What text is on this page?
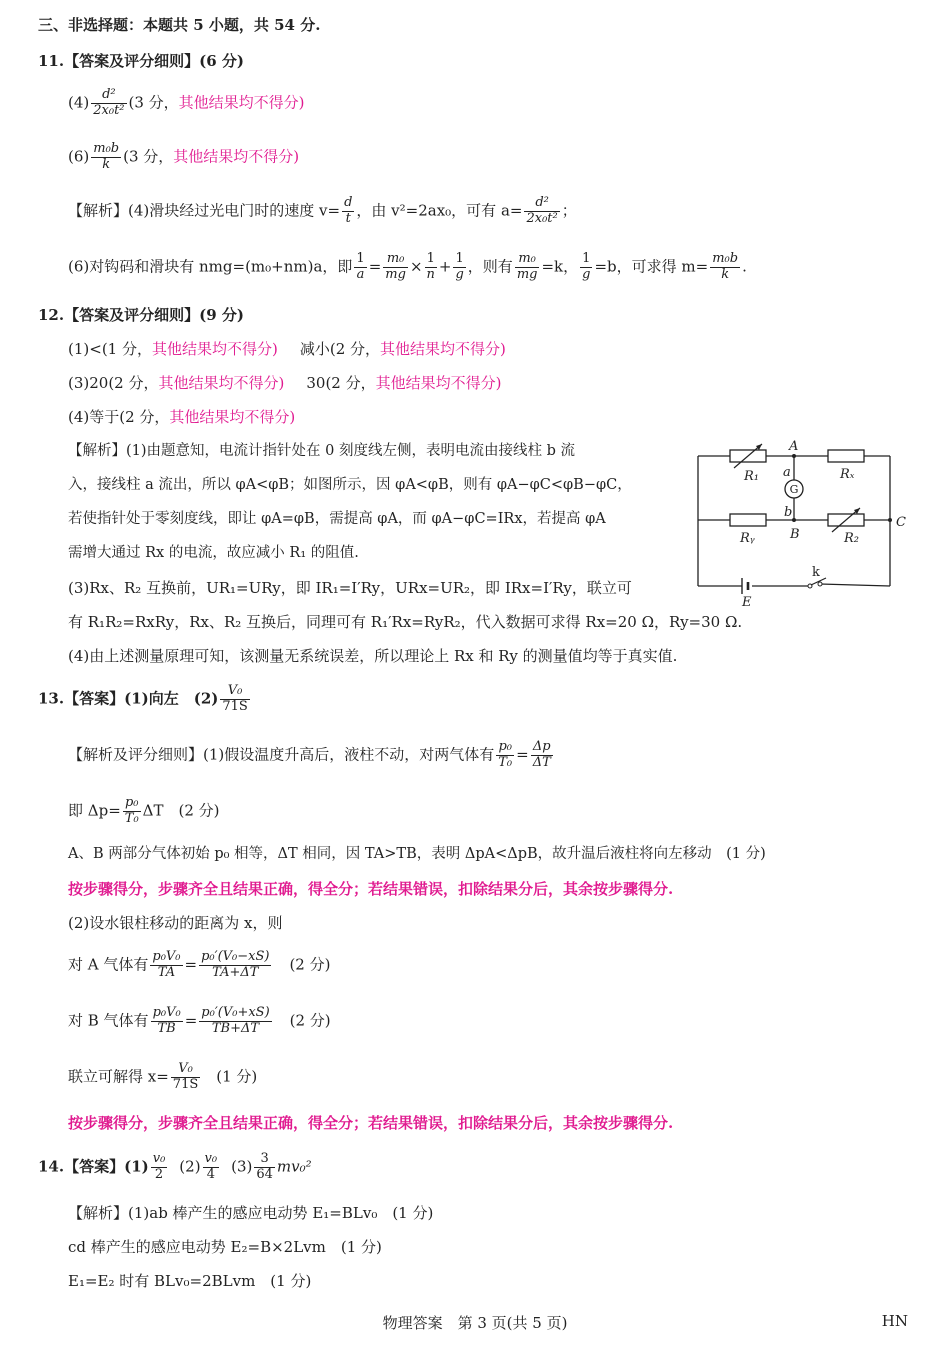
三、非选择题：本题共 5 小题，共 54 分.
11.【答案及评分细则】(6 分)
$(4) \frac{\text{d²}}{\text{2x₀t²}} (3$ 分，其他结果均不得分)
$(6) \frac{\text{m₀b}}{k} (3$ 分，其他结果均不得分)
【解析】(4)滑块经过光电门时的速度 $v= \frac{d}{t}$ ，由 v²=2ax₀，可有 $a= \frac{\text{d²}}{\text{2x₀t²}}$ ；
(6)对钩码和滑块有 nmg=(m₀+nm)a，即 $\frac{1}{a} = \frac{\text{m₀}}{mg} \times \frac{1}{n} + \frac{1}{g}$ ，则有 $\frac{\text{m₀}}{mg} =k$， $\frac{1}{g} =b$，可求得 $m= \frac{\text{m₀b}}{k}$ .
12.【答案及评分细则】(9 分)
(1)<(1 分，其他结果均不得分) 减小(2 分，其他结果均不得分)
(3)20(2 分，其他结果均不得分) 30(2 分，其他结果均不得分)
(4)等于(2 分，其他结果均不得分)
【解析】(1)由题意知，电流计指针处在 0 刻度线左侧，表明电流由接线柱 b 流
入，接线柱 a 流出，所以 φA<φB；如图所示，因 φA<φB，则有 φA−φC<φB−φC，
若使指针处于零刻度线，即让 φA=φB，需提高 φA，而 φA−φC=IRx，若提高 φA
需增大通过 Rx 的电流，故应减小 R₁ 的阻值.
(3)Rx、R₂ 互换前，UR₁=URy，即 IR₁=I′Ry，URx=UR₂，即 IRx=I′Ry，联立可
有 R₁R₂=RxRy，Rx、R₂ 互换后，同理可有 R₁′Rx=RyR₂，代入数据可求得 Rx=20 Ω，Ry=30 Ω.
(4)由上述测量原理可知，该测量无系统误差，所以理论上 Rx 和 Ry 的测量值均等于真实值.
G
A
a
R₁	Rₓ
b
B
C
Rᵧ	R₂
k
E
13.【答案】(1)向左　$(2) \frac{\text{V₀}}{71S}$
【解析及评分细则】(1)假设温度升高后，液柱不动，对两气体有 $\frac{\text{p₀}}{\text{T₀}} = \frac{\Delta p}{\Delta T}$
即 $\Delta p= \frac{\text{p₀}}{\text{T₀}}$ ΔT　(2 分)
A、B 两部分气体初始 p₀ 相等，ΔT 相同，因 TA>TB，表明 ΔpA<ΔpB，故升温后液柱将向左移动　(1 分)
按步骤得分，步骤齐全且结果正确，得全分；若结果错误，扣除结果分后，其余按步骤得分.
(2)设水银柱移动的距离为 x，则
对 A 气体有 $\frac{\text{p₀V₀}}{TA} = \frac{\text{p₀′(V₀−xS)}}{TA+\Delta T} (2$ 分)
对 B 气体有 $\frac{\text{p₀V₀}}{TB} = \frac{\text{p₀′(V₀+xS)}}{TB+\Delta T} (2$ 分)
联立可解得 $x= \frac{\text{V₀}}{71S} (1$ 分)
按步骤得分，步骤齐全且结果正确，得全分；若结果错误，扣除结果分后，其余按步骤得分.
14.【答案】$(1) \frac{\text{v₀}}{2} (2) \frac{\text{v₀}}{4} (3) \frac{3}{64} mv_0^2$
【解析】(1)ab 棒产生的感应电动势 E₁=BLv₀　(1 分)
cd 棒产生的感应电动势 E₂=B×2Lvm　(1 分)
E₁=E₂ 时有 BLv₀=2BLvm　(1 分)
物理答案　第 3 页(共 5 页)	HN
